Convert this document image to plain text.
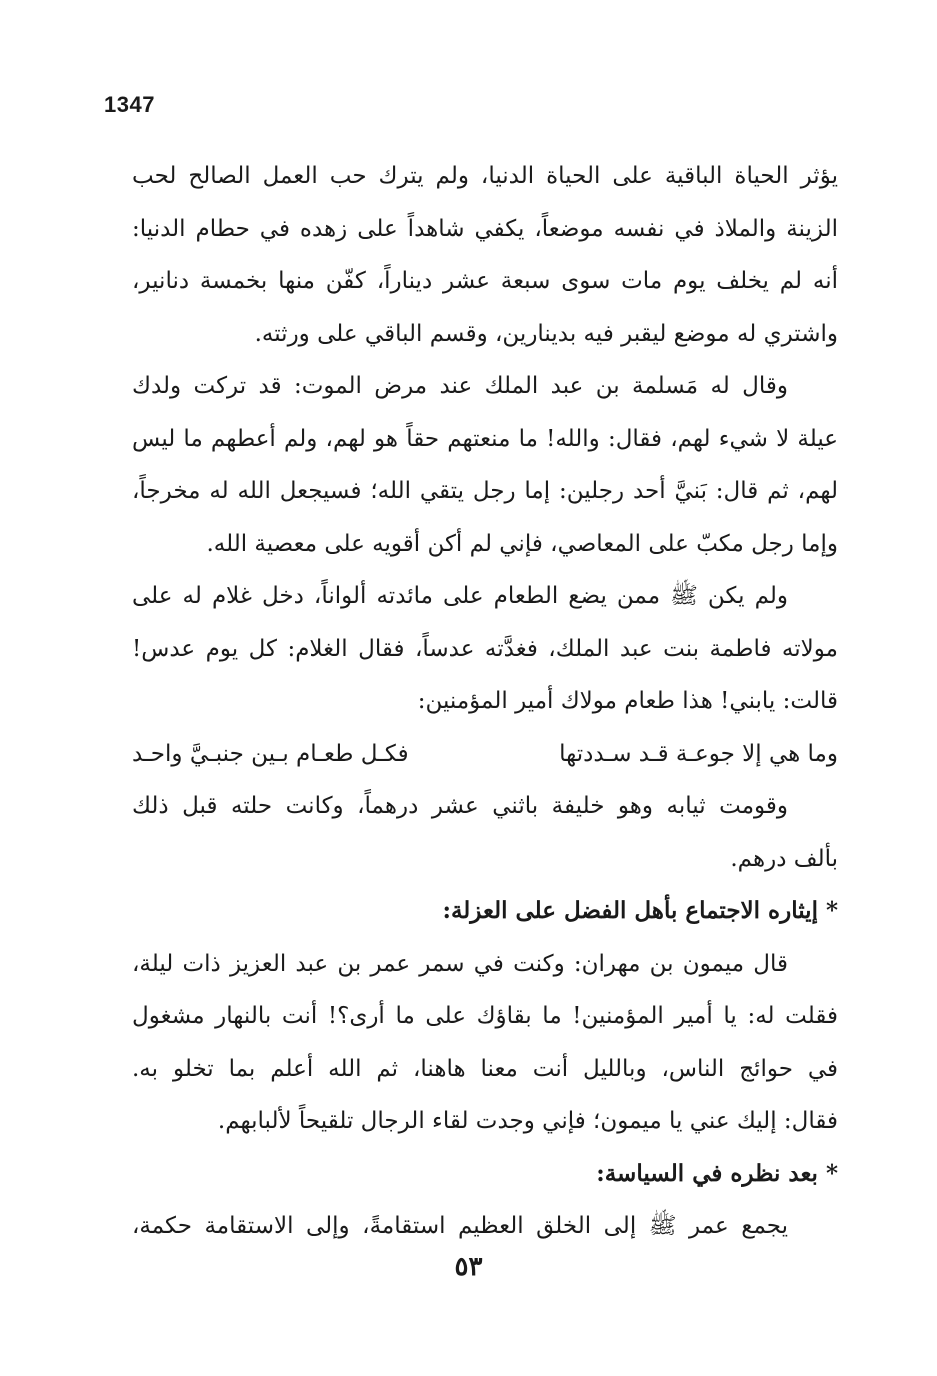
1347
يؤثر الحياة الباقية على الحياة الدنيا، ولم يترك حب العمل الصالح لحب
الزينة والملاذ في نفسه موضعاً، يكفي شاهداً على زهده في حطام الدنيا:
أنه لم يخلف يوم مات سوى سبعة عشر ديناراً، كفّن منها بخمسة دنانير،
واشتري له موضع ليقبر فيه بدينارين، وقسم الباقي على ورثته.
وقال له مَسلمة بن عبد الملك عند مرض الموت: قد تركت ولدك
عيلة لا شيء لهم، فقال: والله! ما منعتهم حقاً هو لهم، ولم أعطهم ما ليس
لهم، ثم قال: بَنيَّ أحد رجلين: إما رجل يتقي الله؛ فسيجعل الله له مخرجاً،
وإما رجل مكبّ على المعاصي، فإني لم أكن أقويه على معصية الله.
ولم يكن ﷺ ممن يضع الطعام على مائدته ألواناً، دخل غلام له على
مولاته فاطمة بنت عبد الملك، فغدَّته عدساً، فقال الغلام: كل يوم عدس!
قالت: يابني! هذا طعام مولاك أمير المؤمنين:
وما هي إلا جوعـة قـد سـددتها
فكـل طعـام بـين جنبـيَّ واحـد
وقومت ثيابه وهو خليفة باثني عشر درهماً، وكانت حلته قبل ذلك
بألف درهم.
* إيثاره الاجتماع بأهل الفضل على العزلة:
قال ميمون بن مهران: وكنت في سمر عمر بن عبد العزيز ذات ليلة،
فقلت له: يا أمير المؤمنين! ما بقاؤك على ما أرى؟! أنت بالنهار مشغول
في حوائج الناس، وبالليل أنت معنا هاهنا، ثم الله أعلم بما تخلو به.
فقال: إليك عني يا ميمون؛ فإني وجدت لقاء الرجال تلقيحاً لألبابهم.
* بعد نظره في السياسة:
يجمع عمر ﷺ إلى الخلق العظيم استقامةً، وإلى الاستقامة حكمة،
٥٣
